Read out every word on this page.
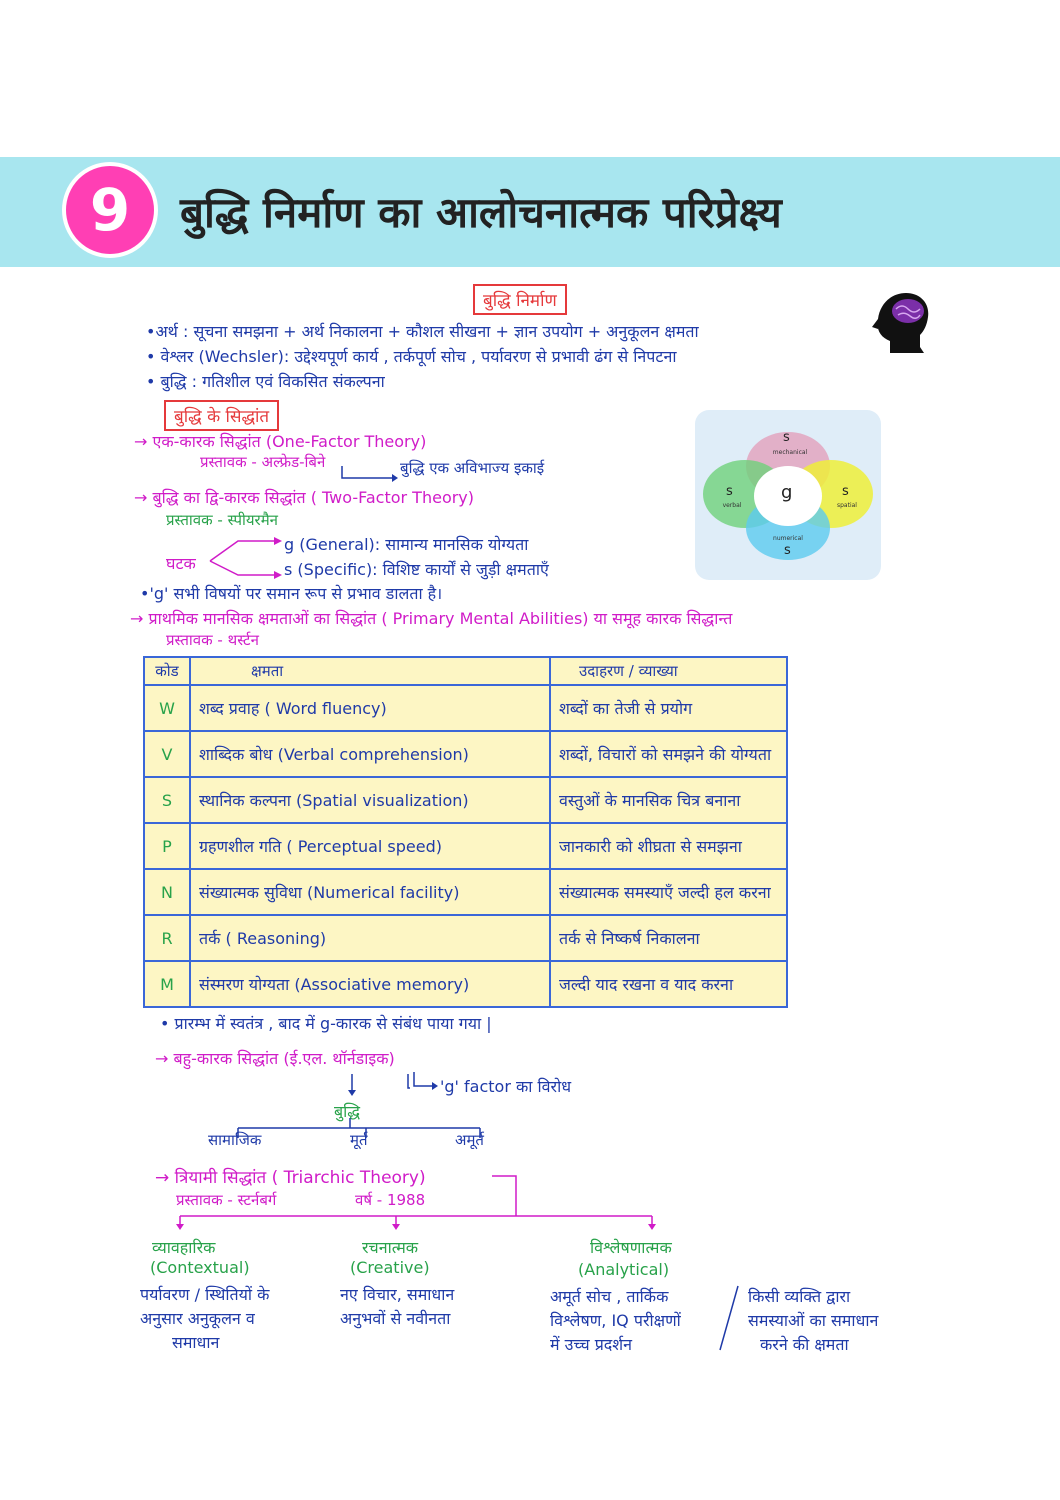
9	बुद्धि निर्माण का आलोचनात्मक परिप्रेक्ष्य
बुद्धि निर्माण
•अर्थ : सूचना समझना + अर्थ निकालना + कौशल सीखना + ज्ञान उपयोग + अनुकूलन क्षमता
• वेश्लर (Wechsler): उद्देश्यपूर्ण कार्य , तर्कपूर्ण सोच , पर्यावरण से प्रभावी ढंग से निपटना
• बुद्धि : गतिशील एवं विकसित संकल्पना
बुद्धि के सिद्धांत
→ एक-कारक सिद्धांत (One-Factor Theory)
प्रस्तावक - अल्फ्रेड-बिने	बुद्धि एक अविभाज्य इकाई
→ बुद्धि का द्वि-कारक सिद्धांत ( Two-Factor Theory)
प्रस्तावक - स्पीयरमैन
घटक
g (General): सामान्य मानसिक योग्यता
s (Specific): विशिष्ट कार्यों से जुड़ी क्षमताएँ
•'g' सभी विषयों पर समान रूप से प्रभाव डालता है।
s
mechanical
s
verbal
g	s
spatial
numerical
s
→ प्राथमिक मानसिक क्षमताओं का सिद्धांत ( Primary Mental Abilities) या समूह कारक सिद्धान्त
प्रस्तावक - थर्स्टन
कोड	क्षमता	उदाहरण / व्याख्या
W	शब्द प्रवाह ( Word fluency)	शब्दों का तेजी से प्रयोग
V	शाब्दिक बोध (Verbal comprehension)	शब्दों, विचारों को समझने की योग्यता
S	स्थानिक कल्पना (Spatial visualization)	वस्तुओं के मानसिक चित्र बनाना
P	ग्रहणशील गति ( Perceptual speed)	जानकारी को शीघ्रता से समझना
N	संख्यात्मक सुविधा (Numerical facility)	संख्यात्मक समस्याएँ जल्दी हल करना
R	तर्क ( Reasoning)	तर्क से निष्कर्ष निकालना
M	संस्मरण योग्यता (Associative memory)	जल्दी याद रखना व याद करना
• प्रारम्भ में स्वतंत्र , बाद में g-कारक से संबंध पाया गया |
→ बहु-कारक सिद्धांत (ई.एल. थॉर्नडाइक)
'g' factor का विरोध
बुद्धि
सामाजिक	मूर्त	अमूर्त
→ त्रियामी सिद्धांत ( Triarchic Theory)
प्रस्तावक - स्टर्नबर्ग	वर्ष - 1988
व्यावहारिक
(Contextual)
पर्यावरण / स्थितियों के
अनुसार अनुकूलन व
समाधान
रचनात्मक
(Creative)
नए विचार, समाधान
अनुभवों से नवीनता
विश्लेषणात्मक
(Analytical)
अमूर्त सोच , तार्किक
विश्लेषण, IQ परीक्षणों
में उच्च प्रदर्शन
किसी व्यक्ति द्वारा
समस्याओं का समाधान
करने की क्षमता
